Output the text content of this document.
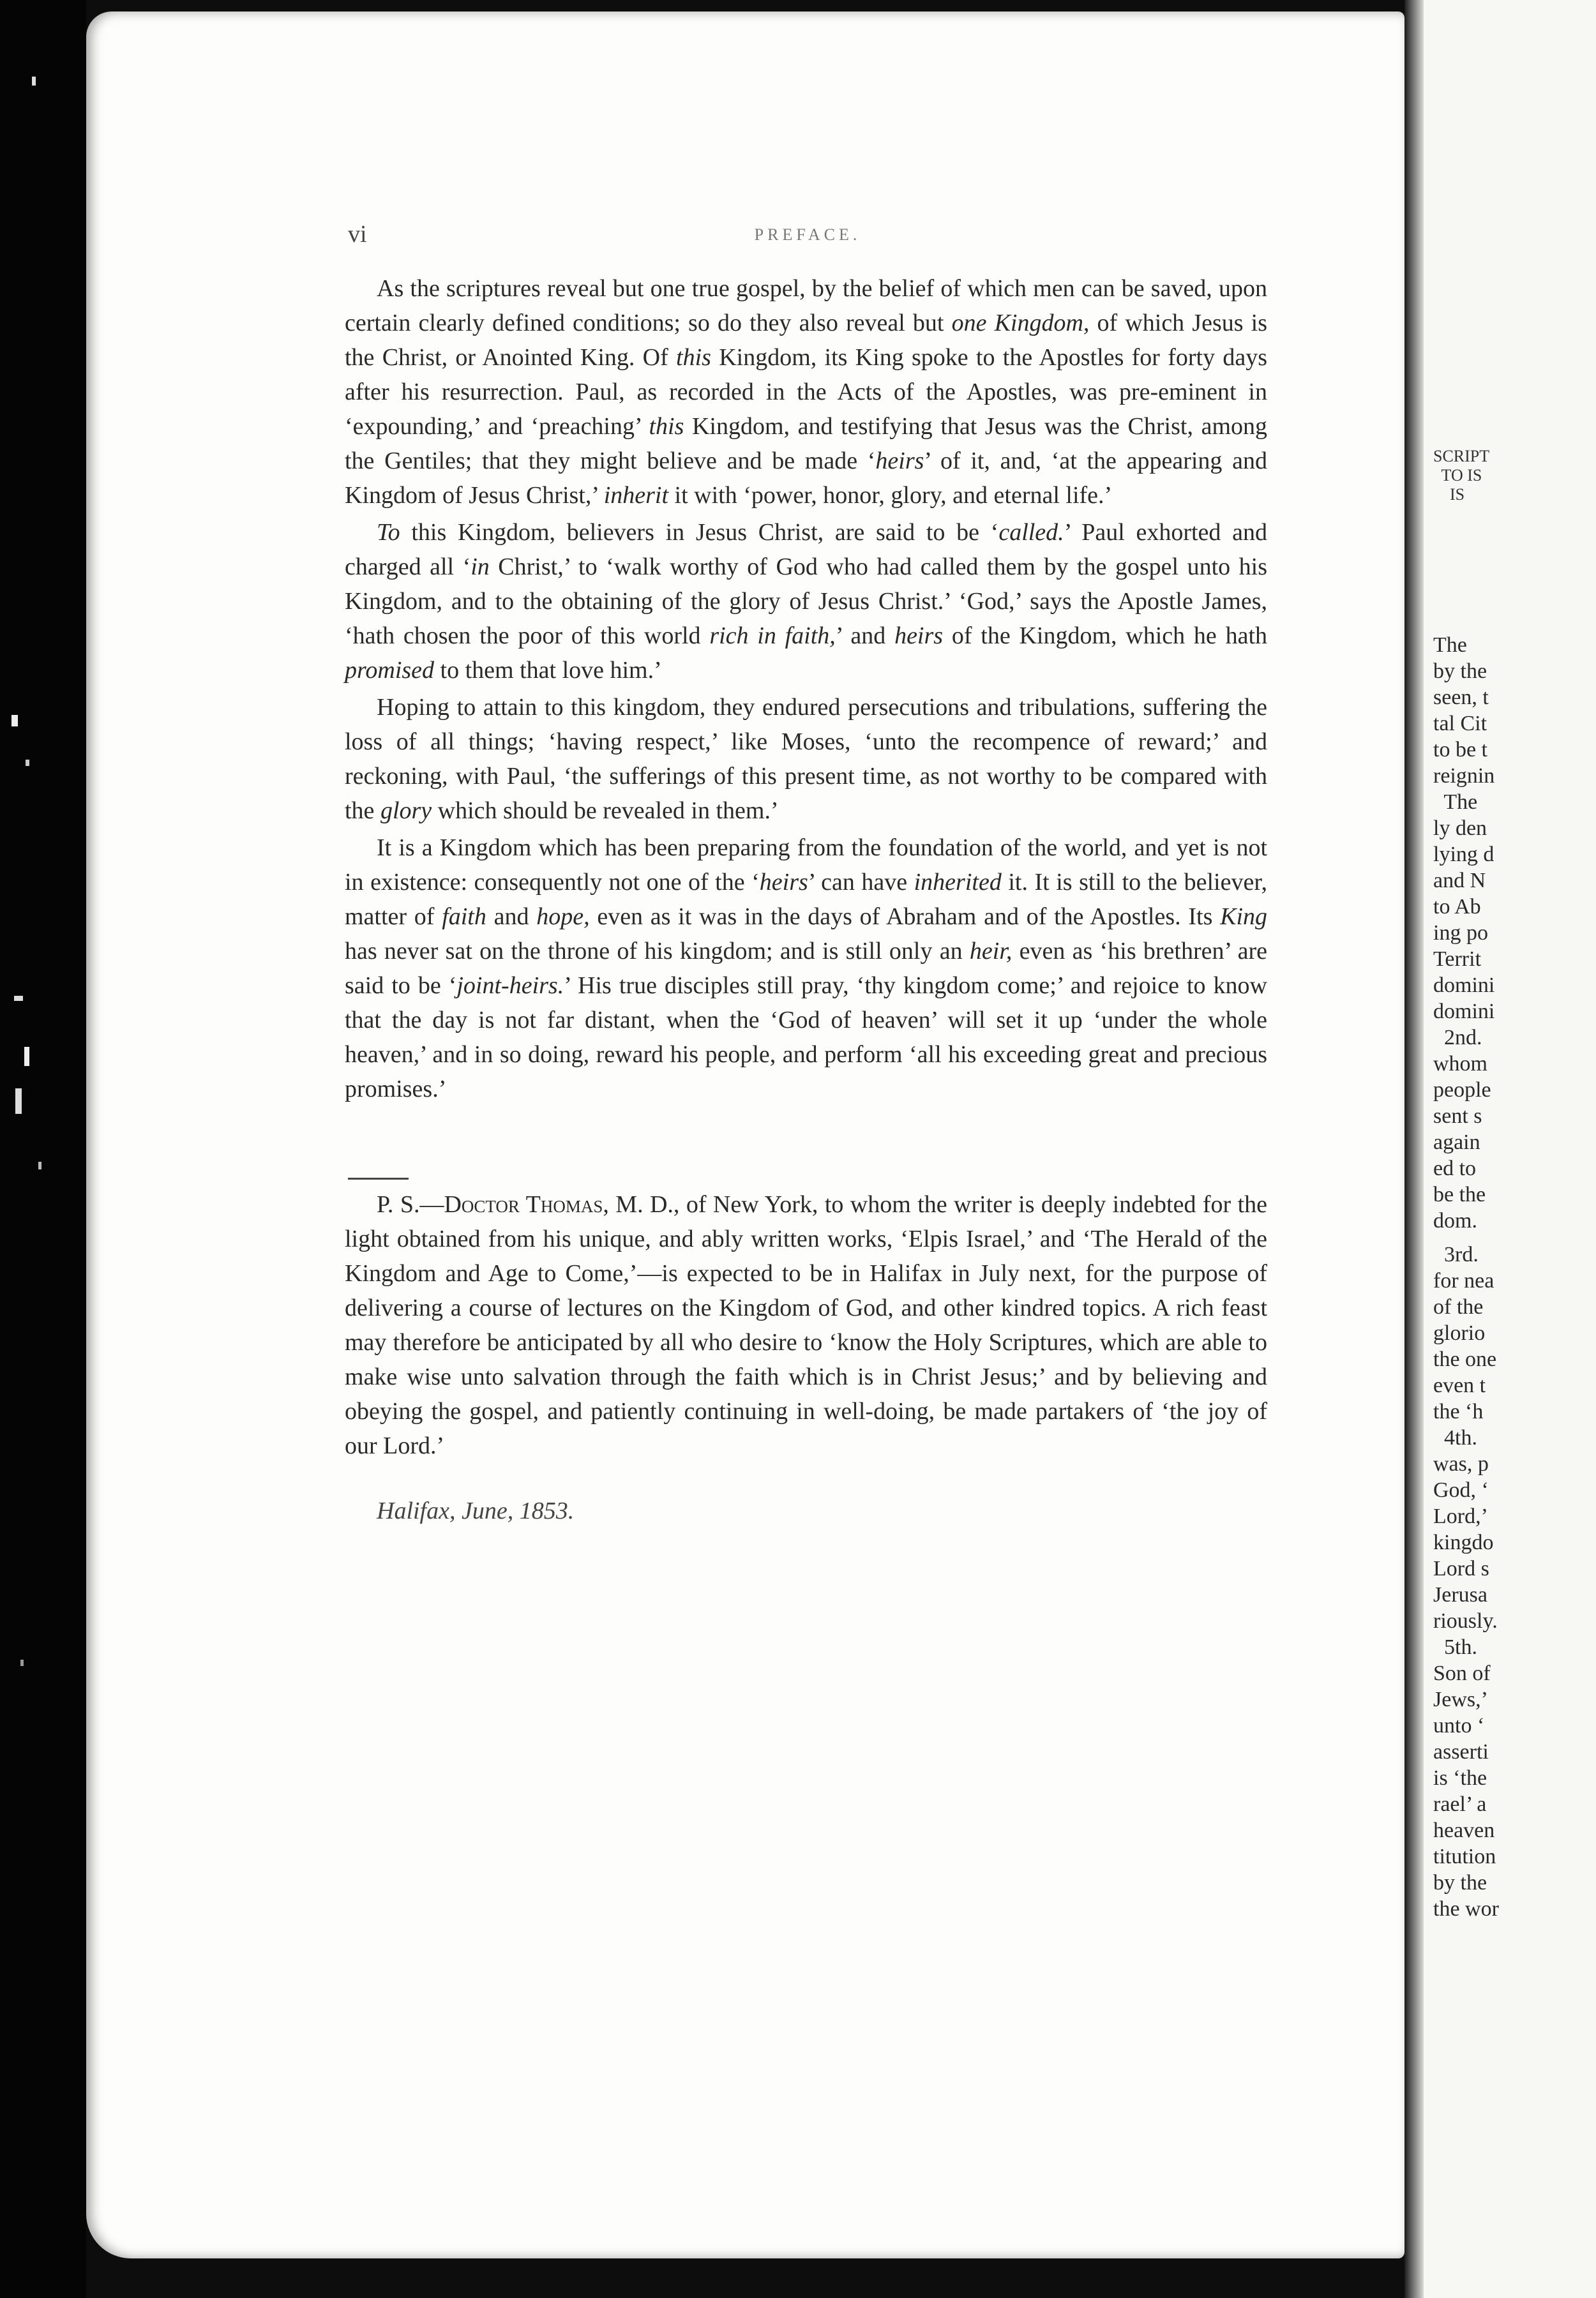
vi	PREFACE.

As the scriptures reveal but one true gospel, by the belief of which men can be saved, upon certain clearly defined conditions; so do they also reveal but one Kingdom, of which Jesus is the Christ, or Anointed King. Of this Kingdom, its King spoke to the Apostles for forty days after his resurrection. Paul, as recorded in the Acts of the Apostles, was pre-eminent in ‘expounding,’ and ‘preaching’ this Kingdom, and testifying that Jesus was the Christ, among the Gentiles; that they might believe and be made ‘heirs’ of it, and, ‘at the appearing and Kingdom of Jesus Christ,’ inherit it with ‘power, honor, glory, and eternal life.’

To this Kingdom, believers in Jesus Christ, are said to be ‘called.’ Paul exhorted and charged all ‘in Christ,’ to ‘walk worthy of God who had called them by the gospel unto his Kingdom, and to the obtaining of the glory of Jesus Christ.’ ‘God,’ says the Apostle James, ‘hath chosen the poor of this world rich in faith,’ and heirs of the Kingdom, which he hath promised to them that love him.’

Hoping to attain to this kingdom, they endured persecutions and tribulations, suffering the loss of all things; ‘having respect,’ like Moses, ‘unto the recompence of reward;’ and reckoning, with Paul, ‘the sufferings of this present time, as not worthy to be compared with the glory which should be revealed in them.’

It is a Kingdom which has been preparing from the foundation of the world, and yet is not in existence: consequently not one of the ‘heirs’ can have inherited it. It is still to the believer, matter of faith and hope, even as it was in the days of Abraham and of the Apostles. Its King has never sat on the throne of his kingdom; and is still only an heir, even as ‘his brethren’ are said to be ‘joint-heirs.’ His true disciples still pray, ‘thy kingdom come;’ and rejoice to know that the day is not far distant, when the ‘God of heaven’ will set it up ‘under the whole heaven,’ and in so doing, reward his people, and perform ‘all his exceeding great and precious promises.’

P. S.—Doctor Thomas, M. D., of New York, to whom the writer is deeply indebted for the light obtained from his unique, and ably written works, ‘Elpis Israel,’ and ‘The Herald of the Kingdom and Age to Come,’—is expected to be in Halifax in July next, for the purpose of delivering a course of lectures on the Kingdom of God, and other kindred topics. A rich feast may therefore be anticipated by all who desire to ‘know the Holy Scriptures, which are able to make wise unto salvation through the faith which is in Christ Jesus;’ and by believing and obeying the gospel, and patiently continuing in well-doing, be made partakers of ‘the joy of our Lord.’

Halifax, June, 1853.
SCRIPT
TO IS
IS
The
by the
seen, t
tal Cit
to be t
reignin
The
ly den
lying d
and N
to Ab
ing po
Territ
domini
domini
2nd.
whom
people
sent s
again
ed to
be the
dom.
3rd.
for nea
of the
glorio
the one
even t
the ‘h
4th.
was, p
God, ‘
Lord,’
kingdo
Lord s
Jerusa
riously.
5th.
Son of
Jews,’
unto ‘
asserti
is ‘the
rael’ a
heaven
titution
by the
the wor
